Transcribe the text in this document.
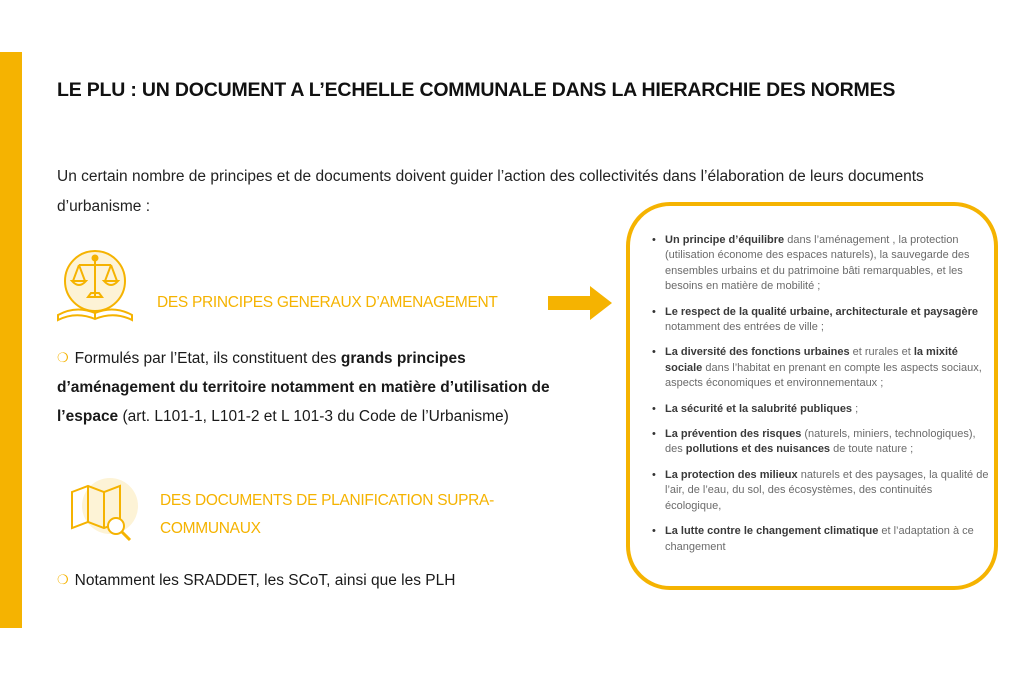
6
LE PLU : UN DOCUMENT A L’ECHELLE COMMUNALE DANS LA HIERARCHIE DES NORMES
Un certain nombre de principes et de documents doivent guider l’action des collectivités dans l’élaboration de leurs documents d’urbanisme :
DES PRINCIPES GENERAUX D’AMENAGEMENT
❍ Formulés par l’Etat, ils constituent des grands principes d’aménagement du territoire notamment en matière d’utilisation de l’espace (art. L101-1, L101-2 et L 101-3 du Code de l’Urbanisme)
DES DOCUMENTS DE PLANIFICATION SUPRA-COMMUNAUX
❍ Notamment les SRADDET, les SCoT, ainsi que les PLH
• Un principe d’équilibre dans l’aménagement , la protection (utilisation économe des espaces naturels), la sauvegarde des ensembles urbains et du patrimoine bâti remarquables, et les besoins en matière de mobilité ;
• Le respect de la qualité urbaine, architecturale et paysagère notamment des entrées de ville ;
• La diversité des fonctions urbaines et rurales et la mixité sociale dans l’habitat en prenant en compte les aspects sociaux, aspects économiques et environnementaux ;
• La sécurité et la salubrité publiques ;
• La prévention des risques (naturels, miniers, technologiques), des pollutions et des nuisances de toute nature ;
• La protection des milieux naturels et des paysages, la qualité de l’air, de l’eau, du sol, des écosystèmes, des continuités écologique,
• La lutte contre le changement climatique et l’adaptation à ce changement
